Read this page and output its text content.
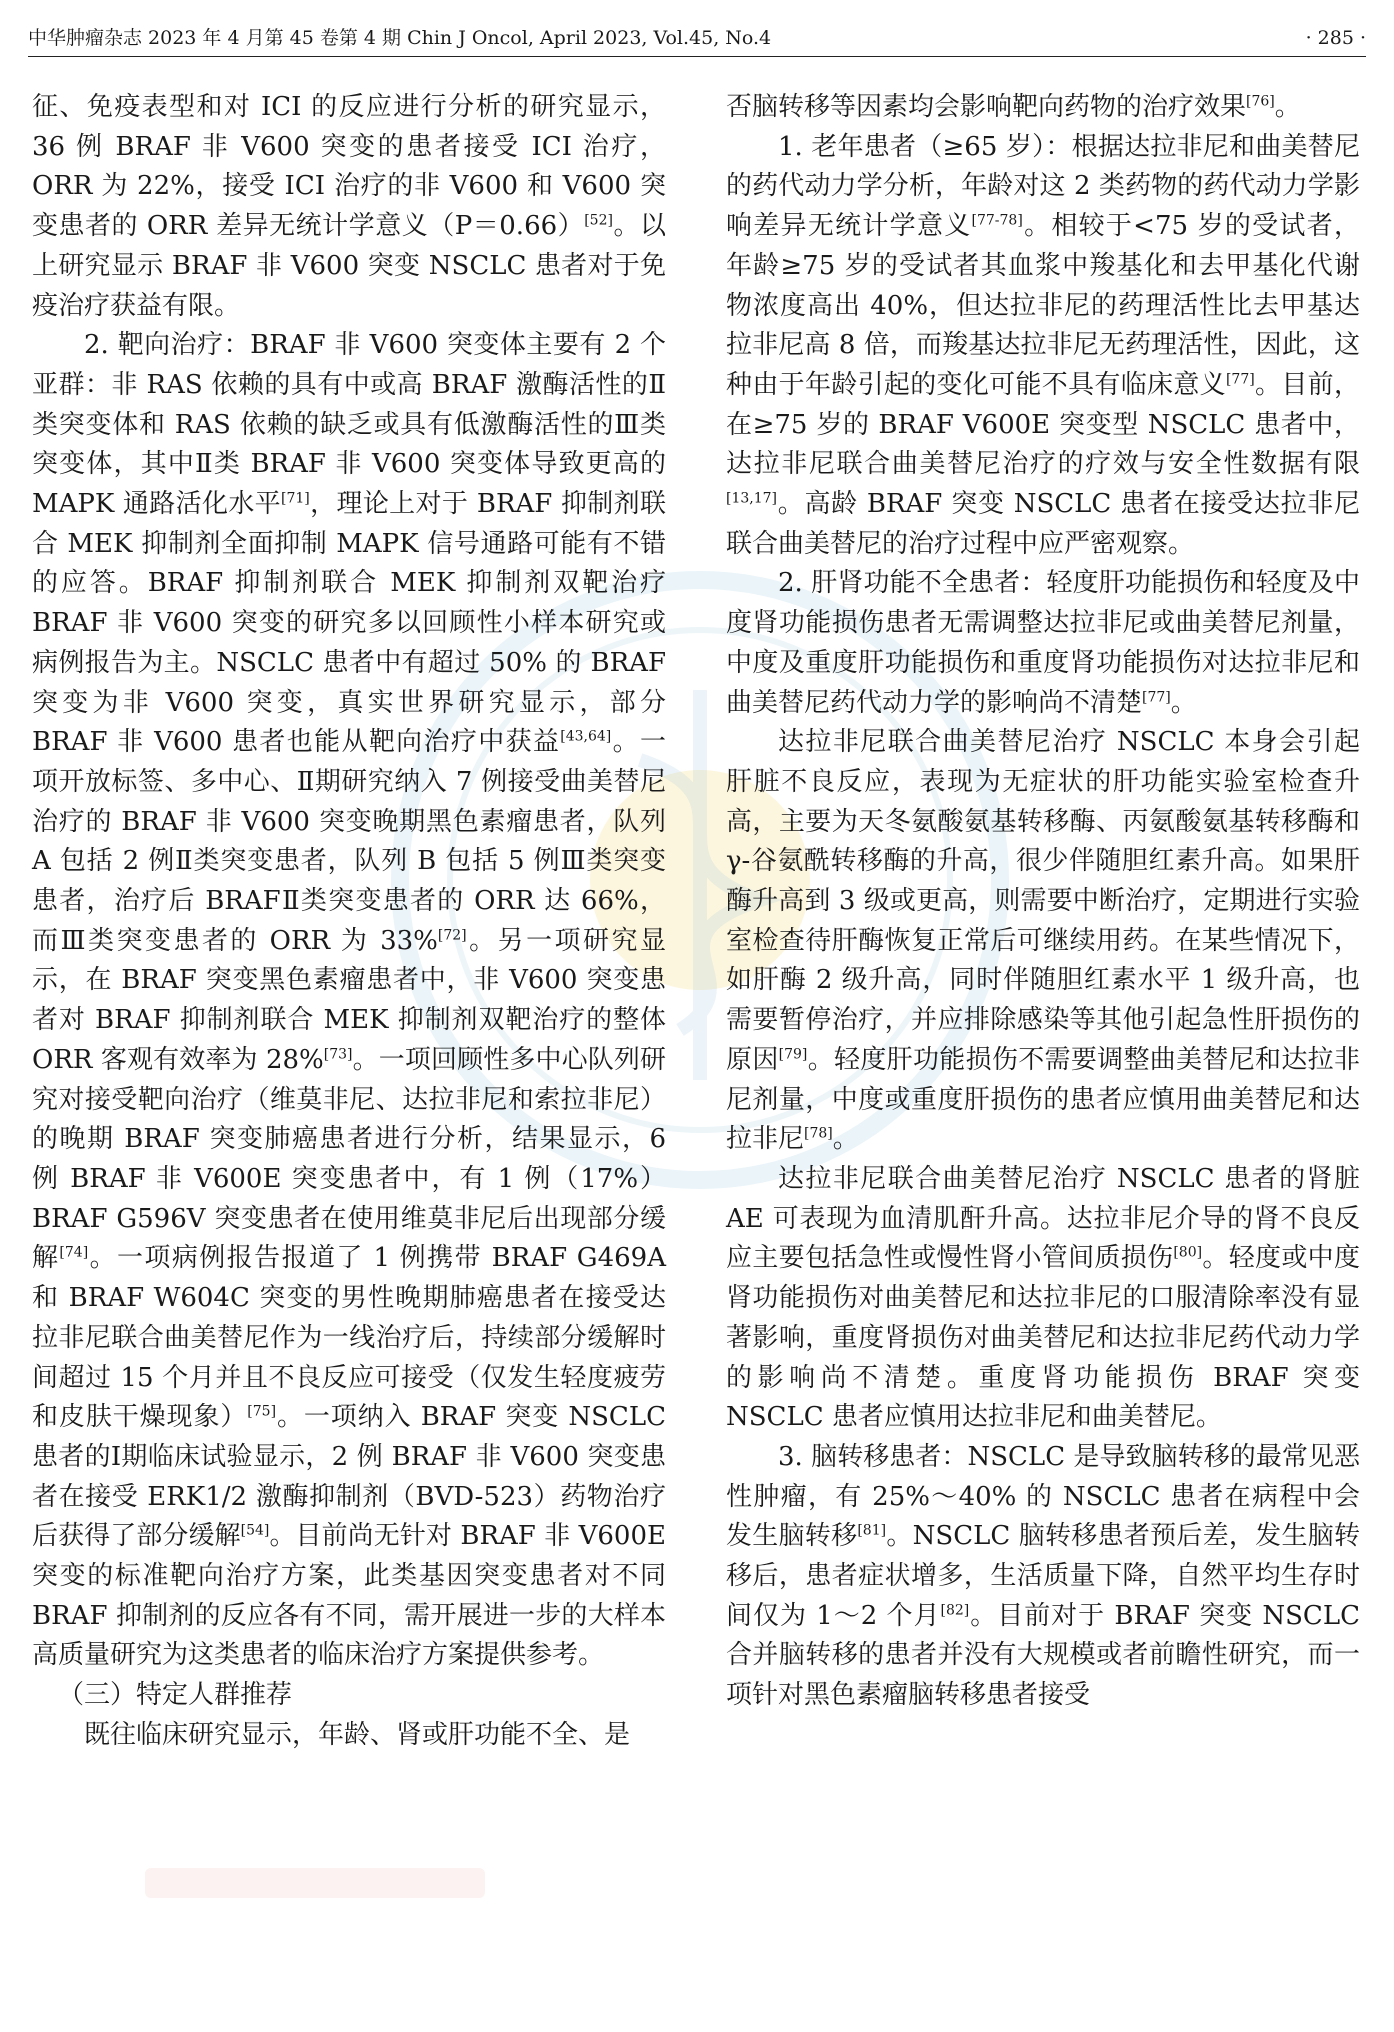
中华肿瘤杂志 2023 年 4 月第 45 卷第 4 期 Chin J Oncol, April 2023, Vol.45, No.4	· 285 ·

征、免疫表型和对 ICI 的反应进行分析的研究显示，36 例 BRAF 非 V600 突变的患者接受 ICI 治疗，ORR 为 22%，接受 ICI 治疗的非 V600 和 V600 突变患者的 ORR 差异无统计学意义（P＝0.66）[52]。以上研究显示 BRAF 非 V600 突变 NSCLC 患者对于免疫治疗获益有限。

2. 靶向治疗：BRAF 非 V600 突变体主要有 2 个亚群：非 RAS 依赖的具有中或高 BRAF 激酶活性的Ⅱ类突变体和 RAS 依赖的缺乏或具有低激酶活性的Ⅲ类突变体，其中Ⅱ类 BRAF 非 V600 突变体导致更高的 MAPK 通路活化水平[71]，理论上对于 BRAF 抑制剂联合 MEK 抑制剂全面抑制 MAPK 信号通路可能有不错的应答。BRAF 抑制剂联合 MEK 抑制剂双靶治疗 BRAF 非 V600 突变的研究多以回顾性小样本研究或病例报告为主。NSCLC 患者中有超过 50% 的 BRAF 突变为非 V600 突变，真实世界研究显示，部分 BRAF 非 V600 患者也能从靶向治疗中获益[43,64]。一项开放标签、多中心、Ⅱ期研究纳入 7 例接受曲美替尼治疗的 BRAF 非 V600 突变晚期黑色素瘤患者，队列 A 包括 2 例Ⅱ类突变患者，队列 B 包括 5 例Ⅲ类突变患者，治疗后 BRAFⅡ类突变患者的 ORR 达 66%，而Ⅲ类突变患者的 ORR 为 33%[72]。另一项研究显示，在 BRAF 突变黑色素瘤患者中，非 V600 突变患者对 BRAF 抑制剂联合 MEK 抑制剂双靶治疗的整体 ORR 客观有效率为 28%[73]。一项回顾性多中心队列研究对接受靶向治疗（维莫非尼、达拉非尼和索拉非尼）的晚期 BRAF 突变肺癌患者进行分析，结果显示，6 例 BRAF 非 V600E 突变患者中，有 1 例（17%）BRAF G596V 突变患者在使用维莫非尼后出现部分缓解[74]。一项病例报告报道了 1 例携带 BRAF G469A 和 BRAF W604C 突变的男性晚期肺癌患者在接受达拉非尼联合曲美替尼作为一线治疗后，持续部分缓解时间超过 15 个月并且不良反应可接受（仅发生轻度疲劳和皮肤干燥现象）[75]。一项纳入 BRAF 突变 NSCLC 患者的Ⅰ期临床试验显示，2 例 BRAF 非 V600 突变患者在接受 ERK1/2 激酶抑制剂（BVD-523）药物治疗后获得了部分缓解[54]。目前尚无针对 BRAF 非 V600E 突变的标准靶向治疗方案，此类基因突变患者对不同 BRAF 抑制剂的反应各有不同，需开展进一步的大样本高质量研究为这类患者的临床治疗方案提供参考。

（三）特定人群推荐

既往临床研究显示，年龄、肾或肝功能不全、是

否脑转移等因素均会影响靶向药物的治疗效果[76]。

1. 老年患者（≥65 岁）：根据达拉非尼和曲美替尼的药代动力学分析，年龄对这 2 类药物的药代动力学影响差异无统计学意义[77-78]。相较于<75 岁的受试者，年龄≥75 岁的受试者其血浆中羧基化和去甲基化代谢物浓度高出 40%，但达拉非尼的药理活性比去甲基达拉非尼高 8 倍，而羧基达拉非尼无药理活性，因此，这种由于年龄引起的变化可能不具有临床意义[77]。目前，在≥75 岁的 BRAF V600E 突变型 NSCLC 患者中，达拉非尼联合曲美替尼治疗的疗效与安全性数据有限[13,17]。高龄 BRAF 突变 NSCLC 患者在接受达拉非尼联合曲美替尼的治疗过程中应严密观察。

2. 肝肾功能不全患者：轻度肝功能损伤和轻度及中度肾功能损伤患者无需调整达拉非尼或曲美替尼剂量，中度及重度肝功能损伤和重度肾功能损伤对达拉非尼和曲美替尼药代动力学的影响尚不清楚[77]。

达拉非尼联合曲美替尼治疗 NSCLC 本身会引起肝脏不良反应，表现为无症状的肝功能实验室检查升高，主要为天冬氨酸氨基转移酶、丙氨酸氨基转移酶和 γ-谷氨酰转移酶的升高，很少伴随胆红素升高。如果肝酶升高到 3 级或更高，则需要中断治疗，定期进行实验室检查待肝酶恢复正常后可继续用药。在某些情况下，如肝酶 2 级升高，同时伴随胆红素水平 1 级升高，也需要暂停治疗，并应排除感染等其他引起急性肝损伤的原因[79]。轻度肝功能损伤不需要调整曲美替尼和达拉非尼剂量，中度或重度肝损伤的患者应慎用曲美替尼和达拉非尼[78]。

达拉非尼联合曲美替尼治疗 NSCLC 患者的肾脏 AE 可表现为血清肌酐升高。达拉非尼介导的肾不良反应主要包括急性或慢性肾小管间质损伤[80]。轻度或中度肾功能损伤对曲美替尼和达拉非尼的口服清除率没有显著影响，重度肾损伤对曲美替尼和达拉非尼药代动力学的影响尚不清楚。重度肾功能损伤 BRAF 突变 NSCLC 患者应慎用达拉非尼和曲美替尼。

3. 脑转移患者：NSCLC 是导致脑转移的最常见恶性肿瘤，有 25%～40% 的 NSCLC 患者在病程中会发生脑转移[81]。NSCLC 脑转移患者预后差，发生脑转移后，患者症状增多，生活质量下降，自然平均生存时间仅为 1～2 个月[82]。目前对于 BRAF 突变 NSCLC 合并脑转移的患者并没有大规模或者前瞻性研究，而一项针对黑色素瘤脑转移患者接受
